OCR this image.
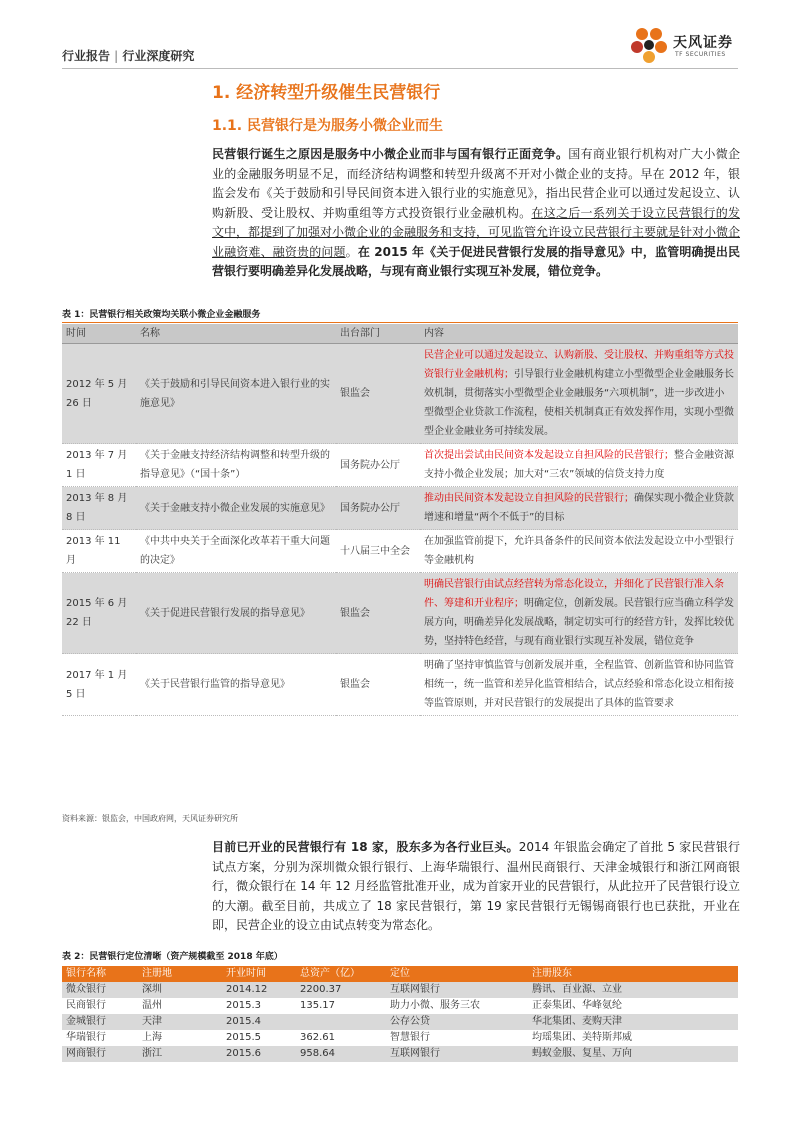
行业报告 | 行业深度研究
天风证券
TF SECURITIES
1. 经济转型升级催生民营银行
1.1. 民营银行是为服务小微企业而生

民营银行诞生之原因是服务中小微企业而非与国有银行正面竞争。国有商业银行机构对广大小微企业的金融服务明显不足，而经济结构调整和转型升级离不开对小微企业的支持。早在 2012 年，银监会发布《关于鼓励和引导民间资本进入银行业的实施意见》，指出民营企业可以通过发起设立、认购新股、受让股权、并购重组等方式投资银行业金融机构。在这之后一系列关于设立民营银行的发文中，都提到了加强对小微企业的金融服务和支持，可见监管允许设立民营银行主要就是针对小微企业融资难、融资贵的问题。在 2015 年《关于促进民营银行发展的指导意见》中，监管明确提出民营银行要明确差异化发展战略，与现有商业银行实现互补发展，错位竞争。

表 1：民营银行相关政策均关联小微企业金融服务
时间	名称	出台部门	内容
2012 年 5 月 26 日	《关于鼓励和引导民间资本进入银行业的实施意见》	银监会	民营企业可以通过发起设立、认购新股、受让股权、并购重组等方式投资银行业金融机构；引导银行业金融机构建立小型微型企业金融服务长效机制，贯彻落实小型微型企业金融服务“六项机制”，进一步改进小型微型企业贷款工作流程，使相关机制真正有效发挥作用，实现小型微型企业金融业务可持续发展。
2013 年 7 月 1 日	《关于金融支持经济结构调整和转型升级的指导意见》（“国十条”）	国务院办公厅	首次提出尝试由民间资本发起设立自担风险的民营银行；整合金融资源支持小微企业发展；加大对“三农”领域的信贷支持力度
2013 年 8 月 8 日	《关于金融支持小微企业发展的实施意见》	国务院办公厅	推动由民间资本发起设立自担风险的民营银行；确保实现小微企业贷款增速和增量“两个不低于”的目标
2013 年 11 月	《中共中央关于全面深化改革若干重大问题的决定》	十八届三中全会	在加强监管前提下，允许具备条件的民间资本依法发起设立中小型银行等金融机构
2015 年 6 月 22 日	《关于促进民营银行发展的指导意见》	银监会	明确民营银行由试点经营转为常态化设立，并细化了民营银行准入条件、筹建和开业程序；明确定位，创新发展。民营银行应当确立科学发展方向，明确差异化发展战略，制定切实可行的经营方针，发挥比较优势，坚持特色经营，与现有商业银行实现互补发展，错位竞争
2017 年 1 月 5 日	《关于民营银行监管的指导意见》	银监会	明确了坚持审慎监管与创新发展并重，全程监管、创新监管和协同监管相统一，统一监管和差异化监管相结合，试点经验和常态化设立相衔接等监管原则，并对民营银行的发展提出了具体的监管要求
资料来源：银监会，中国政府网，天风证券研究所

目前已开业的民营银行有 18 家，股东多为各行业巨头。2014 年银监会确定了首批 5 家民营银行试点方案，分别为深圳微众银行银行、上海华瑞银行、温州民商银行、天津金城银行和浙江网商银行，微众银行在 14 年 12 月经监管批准开业，成为首家开业的民营银行，从此拉开了民营银行设立的大潮。截至目前，共成立了 18 家民营银行，第 19 家民营银行无锡锡商银行也已获批，开业在即，民营企业的设立由试点转变为常态化。

表 2：民营银行定位清晰（资产规模截至 2018 年底）
银行名称	注册地	开业时间	总资产（亿）	定位	注册股东
微众银行	深圳	2014.12	2200.37	互联网银行	腾讯、百业源、立业
民商银行	温州	2015.3	135.17	助力小微、服务三农	正泰集团、华峰氨纶
金城银行	天津	2015.4		公存公贷	华北集团、麦购天津
华瑞银行	上海	2015.5	362.61	智慧银行	均瑶集团、美特斯邦威
网商银行	浙江	2015.6	958.64	互联网银行	蚂蚁金服、复星、万向
